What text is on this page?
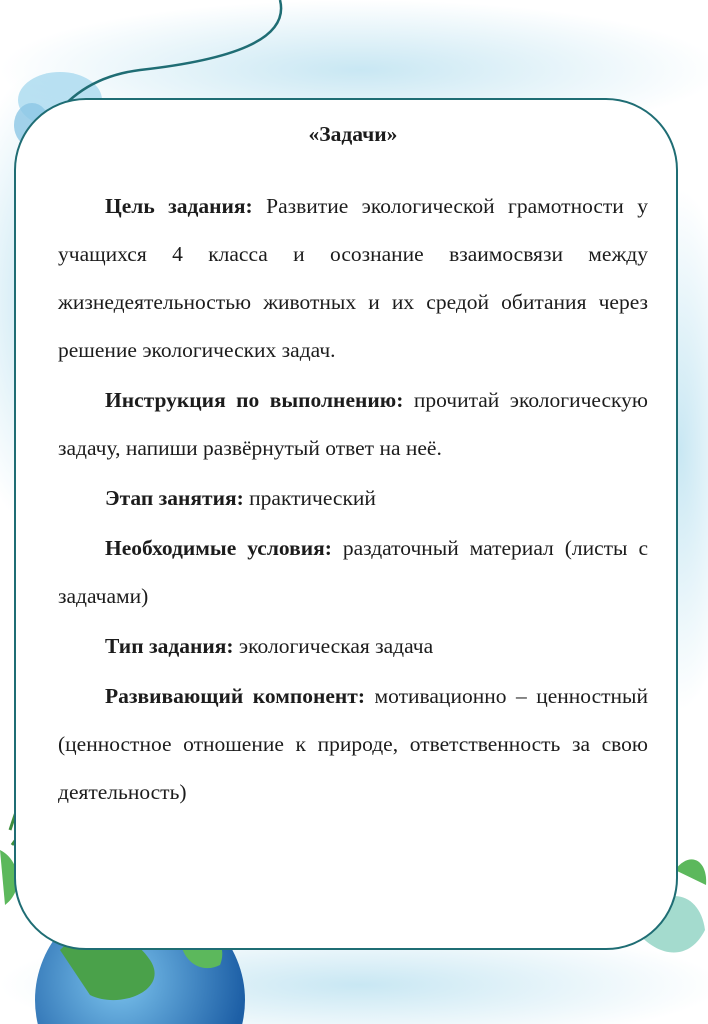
«Задачи»

Цель задания: Развитие экологической грамотности у учащихся 4 класса и осознание взаимосвязи между жизнедеятельностью животных и их средой обитания через решение экологических задач.

Инструкция по выполнению: прочитай экологическую задачу, напиши развёрнутый ответ на неё.

Этап занятия: практический

Необходимые условия: раздаточный материал (листы с задачами)

Тип задания: экологическая задача

Развивающий компонент: мотивационно – ценностный (ценностное отношение к природе, ответственность за свою деятельность)
